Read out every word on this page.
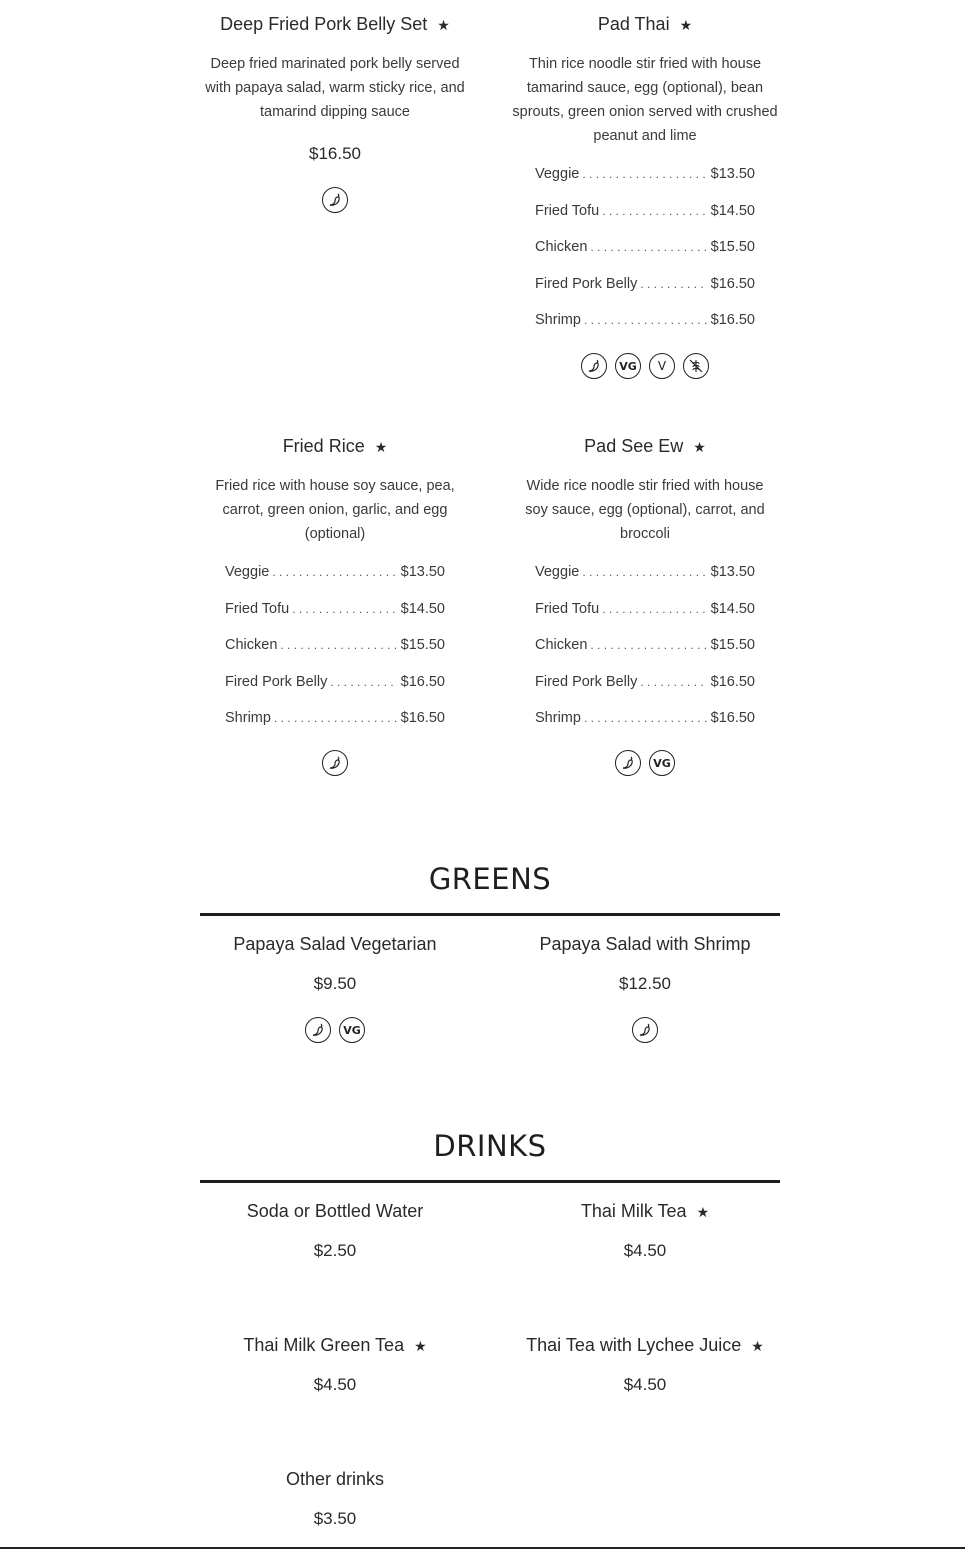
Deep Fried Pork Belly Set ★
Deep fried marinated pork belly served with papaya salad, warm sticky rice, and tamarind dipping sauce
$16.50
Pad Thai ★
Thin rice noodle stir fried with house tamarind sauce, egg (optional), bean sprouts, green onion served with crushed peanut and lime
Veggie . . .	$13.50
Fried Tofu . . .	$14.50
Chicken . . .	$15.50
Fired Pork Belly . . .	$16.50
Shrimp . . .	$16.50
VG	V
Fried Rice ★
Fried rice with house soy sauce, pea, carrot, green onion, garlic, and egg (optional)
Veggie . . .	$13.50
Fried Tofu . . .	$14.50
Chicken . . .	$15.50
Fired Pork Belly . . .	$16.50
Shrimp . . .	$16.50
Pad See Ew ★
Wide rice noodle stir fried with house soy sauce, egg (optional), carrot, and broccoli
Veggie . . .	$13.50
Fried Tofu . . .	$14.50
Chicken . . .	$15.50
Fired Pork Belly . . .	$16.50
Shrimp . . .	$16.50
VG
GREENS
Papaya Salad Vegetarian
$9.50
VG
Papaya Salad with Shrimp
$12.50
DRINKS
Soda or Bottled Water
$2.50
Thai Milk Tea ★
$4.50
Thai Milk Green Tea ★
$4.50
Thai Tea with Lychee Juice ★
$4.50
Other drinks
$3.50
